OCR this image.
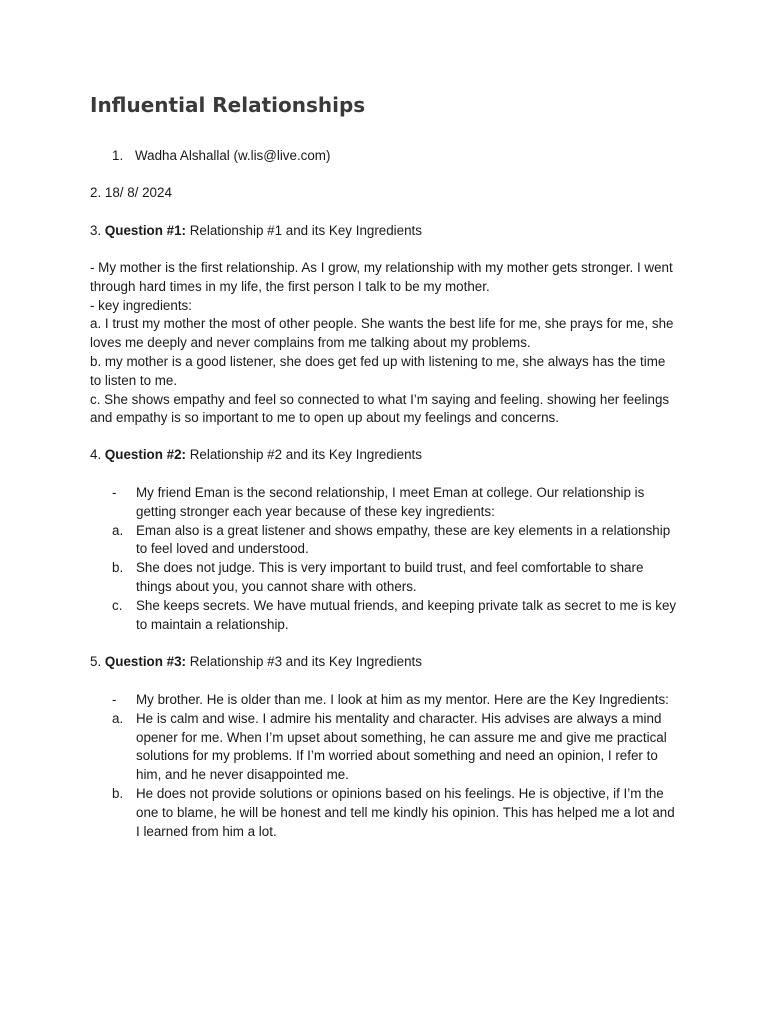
Influential Relationships
1. Wadha Alshallal (w.lis@live.com)

2. 18/ 8/ 2024

3. Question #1: Relationship #1 and its Key Ingredients

- My mother is the first relationship. As I grow, my relationship with my mother gets stronger. I went through hard times in my life, the first person I talk to be my mother.

- key ingredients:

a. I trust my mother the most of other people. She wants the best life for me, she prays for me, she loves me deeply and never complains from me talking about my problems.

b. my mother is a good listener, she does get fed up with listening to me, she always has the time to listen to me.

c. She shows empathy and feel so connected to what I’m saying and feeling. showing her feelings and empathy is so important to me to open up about my feelings and concerns.

4. Question #2: Relationship #2 and its Key Ingredients

-	My friend Eman is the second relationship, I meet Eman at college. Our relationship is getting stronger each year because of these key ingredients:
a. Eman also is a great listener and shows empathy, these are key elements in a relationship to feel loved and understood.
b. She does not judge. This is very important to build trust, and feel comfortable to share things about you, you cannot share with others.
c.	She keeps secrets. We have mutual friends, and keeping private talk as secret to me is key to maintain a relationship.

5. Question #3: Relationship #3 and its Key Ingredients

-	My brother. He is older than me. I look at him as my mentor. Here are the Key Ingredients:
a. He is calm and wise. I admire his mentality and character. His advises are always a mind opener for me. When I’m upset about something, he can assure me and give me practical solutions for my problems. If I’m worried about something and need an opinion, I refer to him, and he never disappointed me.
b. He does not provide solutions or opinions based on his feelings. He is objective, if I’m the one to blame, he will be honest and tell me kindly his opinion. This has helped me a lot and I learned from him a lot.
